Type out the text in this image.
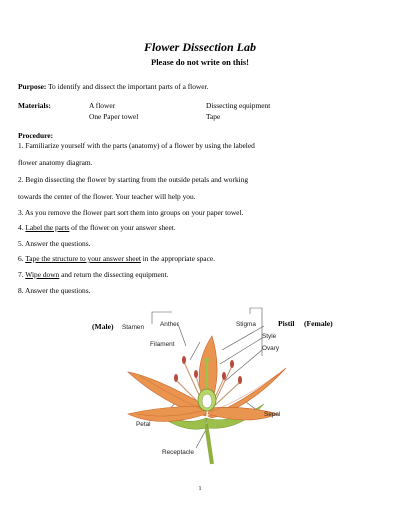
Flower Dissection Lab
Please do not write on this!
Purpose: To identify and dissect the important parts of a flower.
Materials:	A flower
One Paper towel
Dissecting equipment
Tape
Procedure:
1. Familiarize yourself with the parts (anatomy) of a flower by using the labeled
flower anatomy diagram.
2. Begin dissecting the flower by starting from the outside petals and working
towards the center of the flower. Your teacher will help you.
3. As you remove the flower part sort them into groups on your paper towel.
4. Label the parts of the flower on your answer sheet.
5. Answer the questions.
6. Tape the structure to your answer sheet in the appropriate space.
7. Wipe down and return the dissecting equipment.
8. Answer the questions.
(Male) Stamen Anther
Filament
Stigma
Style
Ovary
Pistil (Female)
Petal
Sepal
Receptacle
1
